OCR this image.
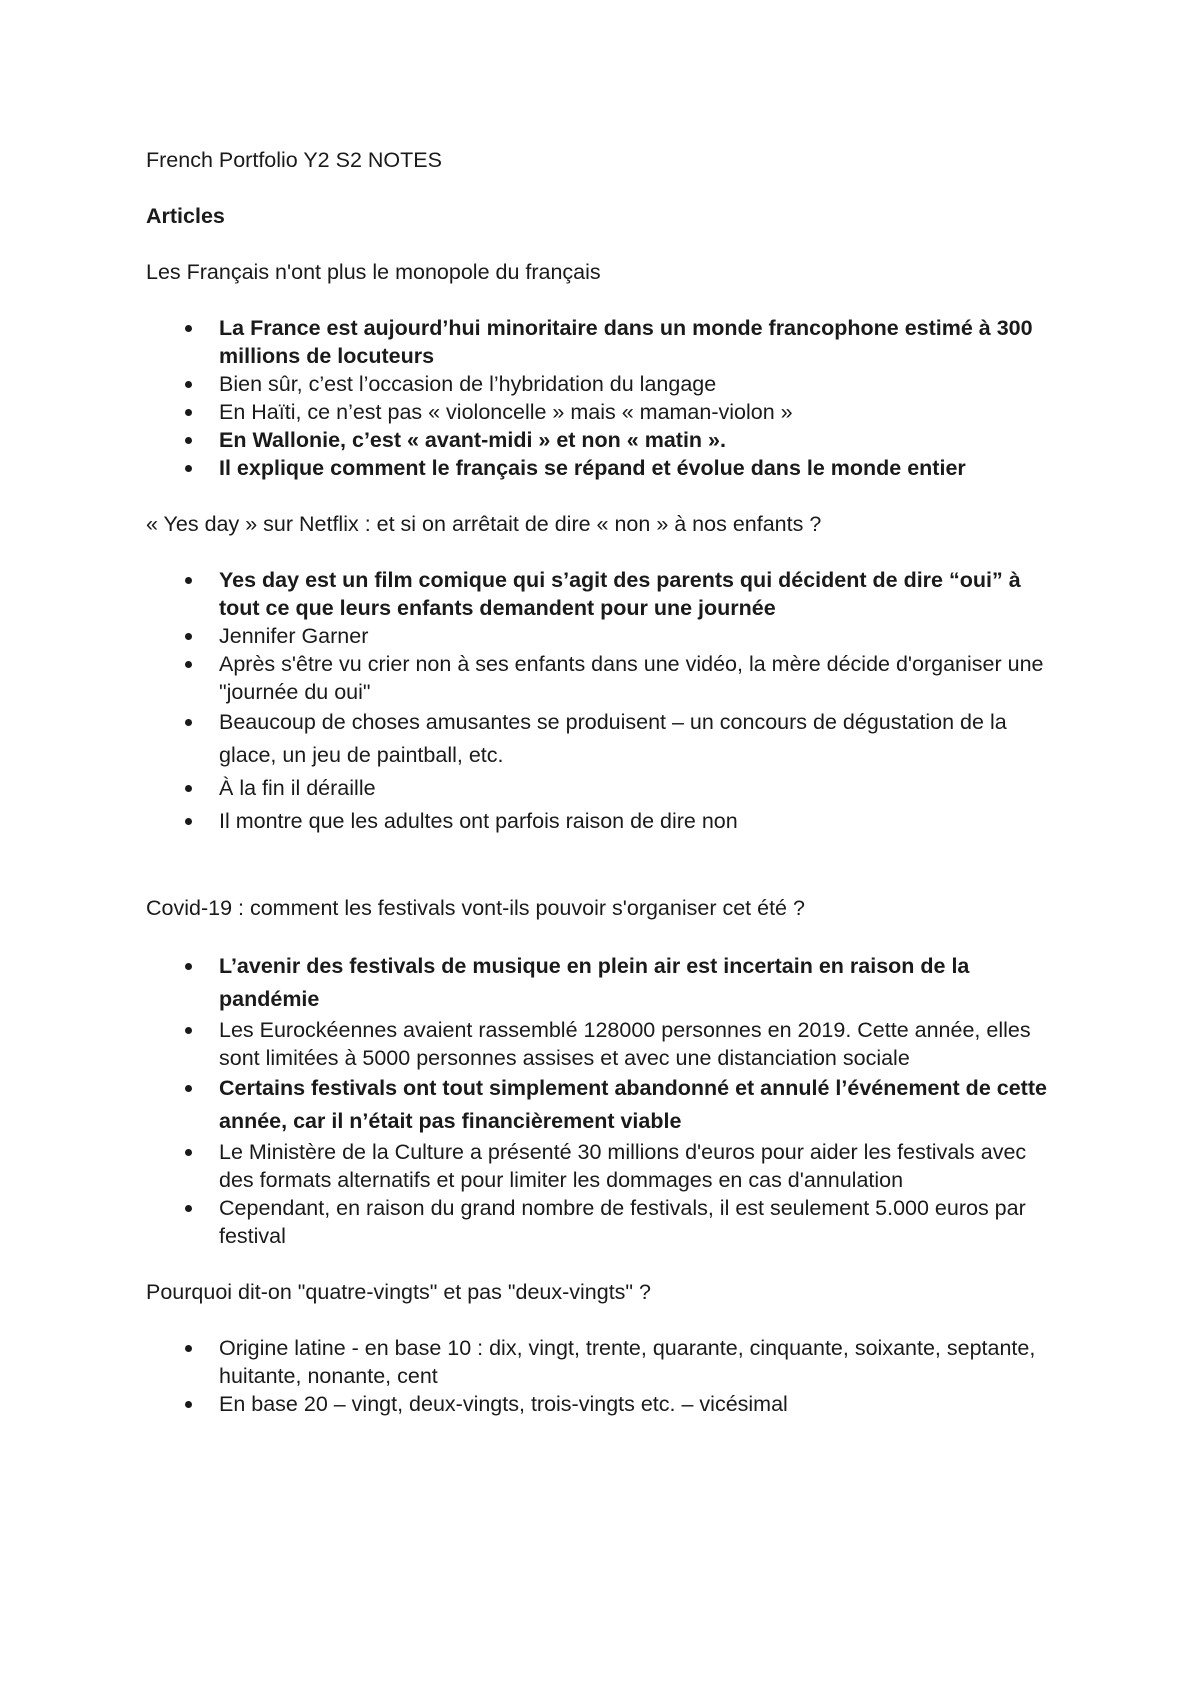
French Portfolio Y2 S2 NOTES

Articles

Les Français n'ont plus le monopole du français

La France est aujourd’hui minoritaire dans un monde francophone estimé à 300 millions de locuteurs
Bien sûr, c’est l’occasion de l’hybridation du langage
En Haïti, ce n’est pas « violoncelle » mais « maman-violon »
En Wallonie, c’est « avant-midi » et non « matin ».
Il explique comment le français se répand et évolue dans le monde entier

« Yes day » sur Netflix : et si on arrêtait de dire « non » à nos enfants ?

Yes day est un film comique qui s’agit des parents qui décident de dire “oui” à tout ce que leurs enfants demandent pour une journée
Jennifer Garner
Après s'être vu crier non à ses enfants dans une vidéo, la mère décide d'organiser une "journée du oui"
Beaucoup de choses amusantes se produisent – un concours de dégustation de la glace, un jeu de paintball, etc.
À la fin il déraille
Il montre que les adultes ont parfois raison de dire non

Covid-19 : comment les festivals vont-ils pouvoir s'organiser cet été ?

L’avenir des festivals de musique en plein air est incertain en raison de la pandémie
Les Eurockéennes avaient rassemblé 128000 personnes en 2019. Cette année, elles sont limitées à 5000 personnes assises et avec une distanciation sociale
Certains festivals ont tout simplement abandonné et annulé l’événement de cette année, car il n’était pas financièrement viable
Le Ministère de la Culture a présenté 30 millions d'euros pour aider les festivals avec des formats alternatifs et pour limiter les dommages en cas d'annulation
Cependant, en raison du grand nombre de festivals, il est seulement 5.000 euros par festival

Pourquoi dit-on "quatre-vingts" et pas "deux-vingts" ?

Origine latine - en base 10 : dix, vingt, trente, quarante, cinquante, soixante, septante, huitante, nonante, cent
En base 20 – vingt, deux-vingts, trois-vingts etc. – vicésimal
